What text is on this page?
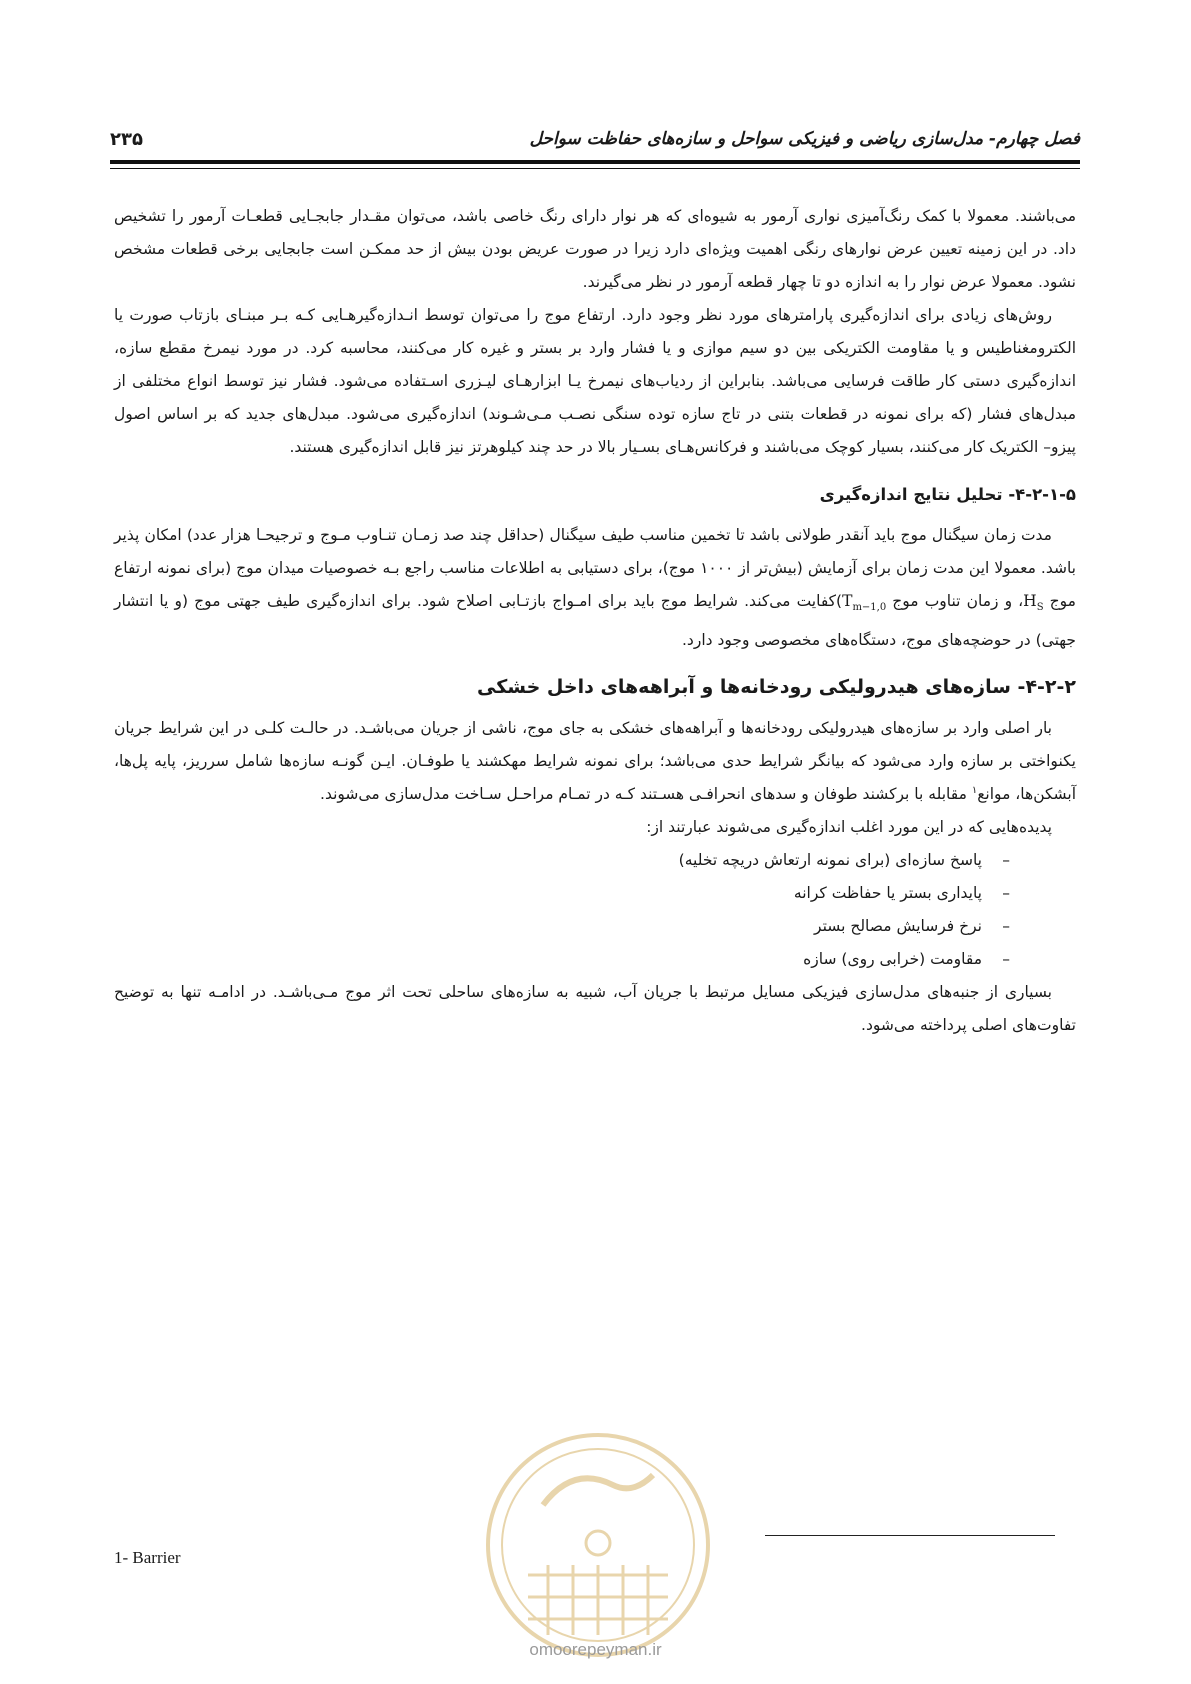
فصل چهارم- مدل‌سازی ریاضی و فیزیکی سواحل و سازه‌های حفاظت سواحل
۲۳۵

می‌باشند. معمولا با کمک رنگ‌آمیزی نواری آرمور به شیوه‌ای که هر نوار دارای رنگ خاصی باشد، می‌توان مقـدار جابجـایی قطعـات آرمور را تشخیص داد. در این زمینه تعیین عرض نوارهای رنگی اهمیت ویژه‌ای دارد زیرا در صورت عریض بودن بیش از حد ممکـن است جابجایی برخی قطعات مشخص نشود. معمولا عرض نوار را به اندازه دو تا چهار قطعه آرمور در نظر می‌گیرند.

روش‌های زیادی برای اندازه‌گیری پارامترهای مورد نظر وجود دارد. ارتفاع موج را می‌توان توسط انـدازه‌گیرهـایی کـه بـر مبنـای بازتاب صورت یا الکترومغناطیس و یا مقاومت الکتریکی بین دو سیم موازی و یا فشار وارد بر بستر و غیره کار می‌کنند، محاسبه کرد. در مورد نیمرخ مقطع سازه، اندازه‌گیری دستی کار طاقت فرسایی می‌باشد. بنابراین از ردیاب‌های نیمرخ یـا ابزارهـای لیـزری اسـتفاده می‌شود. فشار نیز توسط انواع مختلفی از مبدل‌های فشار (که برای نمونه در قطعات بتنی در تاج سازه توده سنگی نصـب مـی‌شـوند) اندازه‌گیری می‌شود. مبدل‌های جدید که بر اساس اصول پیزو– الکتریک کار می‌کنند، بسیار کوچک می‌باشند و فرکانس‌هـای بسـیار بالا در حد چند کیلوهرتز نیز قابل اندازه‌گیری هستند.

۴-۲-۱-۵- تحلیل نتایج اندازه‌گیری

مدت زمان سیگنال موج باید آنقدر طولانی باشد تا تخمین مناسب طیف سیگنال (حداقل چند صد زمـان تنـاوب مـوج و ترجیحـا هزار عدد) امکان پذیر باشد. معمولا این مدت زمان برای آزمایش (بیش‌تر از ۱۰۰۰ موج)، برای دستیابی به اطلاعات مناسب راجع بـه خصوصیات میدان موج (برای نمونه ارتفاع موج $H_S،$ و زمان تناوب موج $T_{m-1,0})کفایت$ می‌کند. شرایط موج باید برای امـواج بازتـابی اصلاح شود. برای اندازه‌گیری طیف جهتی موج (و یا انتشار جهتی) در حوضچه‌های موج، دستگاه‌های مخصوصی وجود دارد.

۴-۲-۲- سازه‌های هیدرولیکی رودخانه‌ها و آبراهه‌های داخل خشکی

بار اصلی وارد بر سازه‌های هیدرولیکی رودخانه‌ها و آبراهه‌های خشکی به جای موج، ناشی از جریان می‌باشـد. در حالـت کلـی در این شرایط جریان یکنواختی بر سازه وارد می‌شود که بیانگر شرایط حدی می‌باشد؛ برای نمونه شرایط مهکشند یا طوفـان. ایـن گونـه سازه‌ها شامل سرریز، پایه پل‌ها، آبشکن‌ها، موانع$^۱$ مقابله با برکشند طوفان و سدهای انحرافـی هسـتند کـه در تمـام مراحـل سـاخت مدل‌سازی می‌شوند.

پدیده‌هایی که در این مورد اغلب اندازه‌گیری می‌شوند عبارتند از:

– پاسخ سازه‌ای (برای نمونه ارتعاش دریچه تخلیه)
– پایداری بستر یا حفاظت کرانه
– نرخ فرسایش مصالح بستر
– مقاومت (خرابی روی) سازه

بسیاری از جنبه‌های مدل‌سازی فیزیکی مسایل مرتبط با جریان آب، شبیه به سازه‌های ساحلی تحت اثر موج مـی‌باشـد. در ادامـه تنها به توضیح تفاوت‌های اصلی پرداخته می‌شود.

1- Barrier
omoorepeyman.ir
